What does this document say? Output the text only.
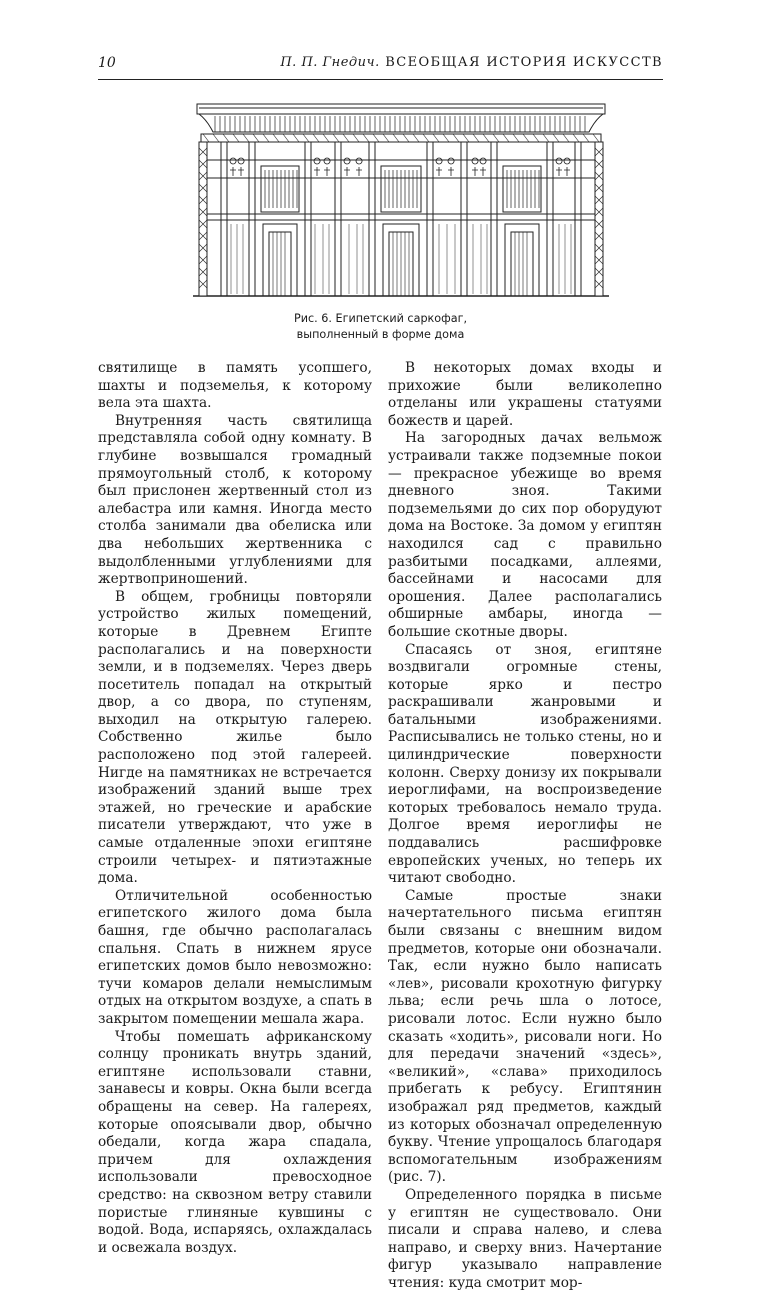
10	П. П. Гнедич. ВСЕОБЩАЯ ИСТОРИЯ ИСКУССТВ
Рис. 6. Египетский саркофаг,
выполненный в форме дома

святилище в память усопшего, шахты и подземелья, к которому вела эта шахта.

Внутренняя часть святилища представляла собой одну комнату. В глубине возвышался громадный прямоугольный столб, к которому был прислонен жертвенный стол из алебастра или камня. Иногда место столба занимали два обелиска или два небольших жертвенника с выдолбленными углублениями для жертвоприношений.

В общем, гробницы повторяли устройство жилых помещений, которые в Древнем Египте располагались и на поверхности земли, и в подземелях. Через дверь посетитель попадал на открытый двор, а со двора, по ступеням, выходил на открытую галерею. Собственно жилье было расположено под этой галереей. Нигде на памятниках не встречается изображений зданий выше трех этажей, но греческие и арабские писатели утверждают, что уже в самые отдаленные эпохи египтяне строили четырех- и пятиэтажные дома.

Отличительной особенностью египетского жилого дома была башня, где обычно располагалась спальня. Спать в нижнем ярусе египетских домов было невозможно: тучи комаров делали немыслимым отдых на открытом воздухе, а спать в закрытом помещении мешала жара.

Чтобы помешать африканскому солнцу проникать внутрь зданий, египтяне использовали ставни, занавесы и ковры. Окна были всегда обращены на север. На галереях, которые опоясывали двор, обычно обедали, когда жара спадала, причем для охлаждения использовали превосходное средство: на сквозном ветру ставили пористые глиняные кувшины с водой. Вода, испаряясь, охлаждалась и освежала воздух.

В некоторых домах входы и прихожие были великолепно отделаны или украшены статуями божеств и царей.

На загородных дачах вельмож устраивали также подземные покои — прекрасное убежище во время дневного зноя. Такими подземельями до сих пор оборудуют дома на Востоке. За домом у египтян находился сад с правильно разбитыми посадками, аллеями, бассейнами и насосами для орошения. Далее располагались обширные амбары, иногда — большие скотные дворы.

Спасаясь от зноя, египтяне воздвигали огромные стены, которые ярко и пестро раскрашивали жанровыми и батальными изображениями. Расписывались не только стены, но и цилиндрические поверхности колонн. Сверху донизу их покрывали иероглифами, на воспроизведение которых требовалось немало труда. Долгое время иероглифы не поддавались расшифровке европейских ученых, но теперь их читают свободно.

Самые простые знаки начертательного письма египтян были связаны с внешним видом предметов, которые они обозначали. Так, если нужно было написать «лев», рисовали крохотную фигурку льва; если речь шла о лотосе, рисовали лотос. Если нужно было сказать «ходить», рисовали ноги. Но для передачи значений «здесь», «великий», «слава» приходилось прибегать к ребусу. Египтянин изображал ряд предметов, каждый из которых обозначал определенную букву. Чтение упрощалось благодаря вспомогательным изображениям (рис. 7).

Определенного порядка в письме у египтян не существовало. Они писали и справа налево, и слева направо, и сверху вниз. Начертание фигур указывало направление чтения: куда смотрит мор-
